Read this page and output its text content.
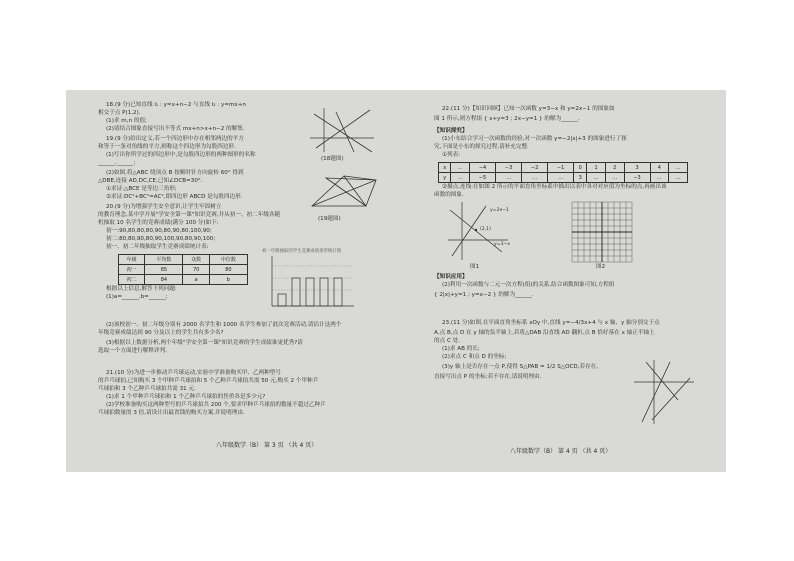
18.(9 分)已知直线 l₁ : y=x+n−2 与直线 l₂ : y=mx+n
相交于点 P(1,2).
(1)求 m,n 的值;
(2)请结合图象直接写出不等式 mx+n>x+n−2 的解集.
(18题图)
19.(9 分)给出定义,若一个四边形中存在相邻两边的平方
和等于一条对角线的平方,则称这个四边形为勾股四边形.
(1)写出你所学过的四边形中,是勾股四边形的两种图形的名称
______,______;
(2)如图,将△ABC 绕顶点 B 按顺时针方向旋转 60° 得到
△DBE,连接 AD,DC,CE,已知∠DCB=30°.
①求证:△BCE 是等边三角形;
②求证:DC²+BC²=AC²,即四边形 ABCD 是勾股四边形.
(19题图)
20.(9 分)为增强学生安全意识,让学生牢固树立
的教育理念,某中学开展"学安全第一课"知识竞赛,并从初一、初二年级各随
机抽取 10 名学生的竞赛成绩(满分 100 分)如下:
初一:90,80,80,80,90,80,90,80,100,90;
初二:80,80,90,80,90,100,90,80,90,100;
初一、初二年级抽取学生竞赛成绩统计表:
年级	平均数	众数	中位数
初一	85	70	80
初二	84	a	b
初一年级抽取的学生竞赛成绩条形统计图
根据以上信息,解答下列问题:
(1)a=______,b=______;
(2)该校初一、初二年级分别有 2000 名学生和 1000 名学生参加了此次竞赛活动,请估计这两个
年级竞赛成绩达到 90 分及以上的学生共有多少名?
(3)根据以上数据分析,两个年级"学安全第一课"知识竞赛的学生成绩谁更优秀?请
选取一个方面进行解释评判.
21.(10 分)为进一步推动乒乓球运动,实验中学准备购买甲、乙两种型号
的乒乓球拍,已知购买 3 个甲种乒乓球拍和 5 个乙种乒乓球拍共需 50 元,购买 2 个甲种乒
乓球拍和 3 个乙种乒乓球拍共需 31 元.
(1)求 1 个甲种乒乓球拍和 1 个乙种乒乓球拍的售价各是多少元?
(2)学校准备购买这两种型号的乒乓球拍共 200 个,要求甲种乒乓球拍的数量不超过乙种乒
乓球拍数量的 3 倍,请设计出最省钱的购买方案,并说明理由.
八年级数学（B） 第 3 页 （共 4 页）
22.(11 分)【知识回顾】已知一次函数 y=3−x 和 y=2x−1 的图象如
图 1 所示,则方程组 { x+y=3 ; 2x−y=1 } 的解为______.
【知识探究】
(1)小东结合学习一次函数的经验,对一次函数 y=−2|x|+3 的图象进行了探
究,下面是小东的探究过程,请补充完整.
①列表:
x	…	−4	−3	−2	−1	0	1	2	3	4	…
y	…	−5	…	…	…	3	…	…	−3	…	…
②描点,连线:在如图 2 所示的平面直角坐标系中描出以表中各对对应值为坐标的点,再画出该
函数的图象.
y=2x−1
(2,1)
y=3−x
图1	图2
【知识应用】
(2)利用一次函数与二元一次方程(组)的关系,结合函数图象可知,方程组
{ 2|x|+y=1 ; y=x−2 } 的解为______.
23.(11 分)如图,在平面直角坐标系 xOy 中,直线 y=−4/3x+4 与 x 轴、y 轴分别交于点
A,点 B,点 D 在 y 轴的负半轴上,若将△DAB 沿直线 AD 翻折,点 B 恰好落在 x 轴正半轴上
的点 C 处.
(1)求 AB 的长;
(2)求点 C 和点 D 的坐标;
(3)y 轴上是否存在一点 P,使得 S△PAB = 1/2 S△OCD,若存在,
直接写出点 P 的坐标;若不存在,请说明理由.
八年级数学（B） 第 4 页 （共 4 页）
